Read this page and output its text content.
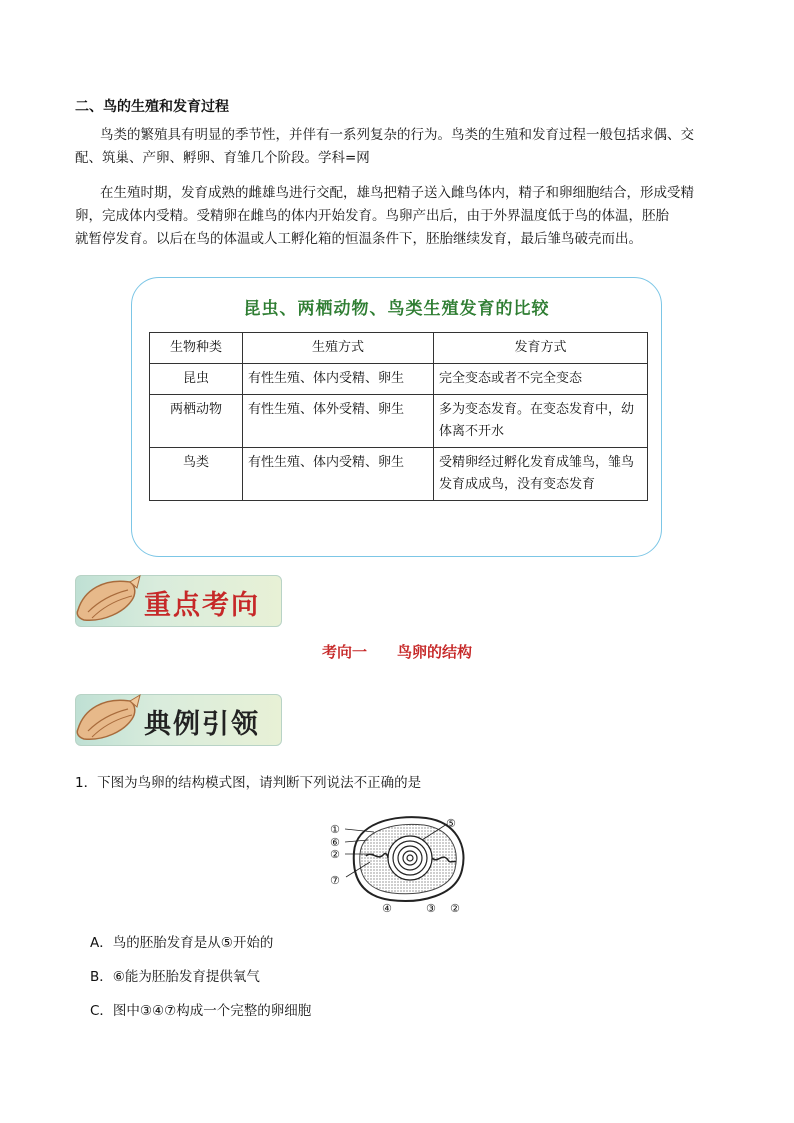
二、鸟的生殖和发育过程

鸟类的繁殖具有明显的季节性，并伴有一系列复杂的行为。鸟类的生殖和发育过程一般包括求偶、交

配、筑巢、产卵、孵卵、育雏几个阶段。学科=网

在生殖时期，发育成熟的雌雄鸟进行交配，雄鸟把精子送入雌鸟体内，精子和卵细胞结合，形成受精

卵，完成体内受精。受精卵在雌鸟的体内开始发育。鸟卵产出后，由于外界温度低于鸟的体温，胚胎

就暂停发育。以后在鸟的体温或人工孵化箱的恒温条件下，胚胎继续发育，最后雏鸟破壳而出。

昆虫、两栖动物、鸟类生殖发育的比较
生物种类	生殖方式	发育方式
昆虫	有性生殖、体内受精、卵生	完全变态或者不完全变态
两栖动物	有性生殖、体外受精、卵生	多为变态发育。在变态发育中，幼体离不开水
鸟类	有性生殖、体内受精、卵生	受精卵经过孵化发育成雏鸟，雏鸟发育成成鸟，没有变态发育
重点考向
考向一　　鸟卵的结构
典例引领
1．下图为鸟卵的结构模式图，请判断下列说法不正确的是
①
⑥
②
⑦
⑤
④	③ ②
A．鸟的胚胎发育是从⑤开始的
B．⑥能为胚胎发育提供氧气
C．图中③④⑦构成一个完整的卵细胞
